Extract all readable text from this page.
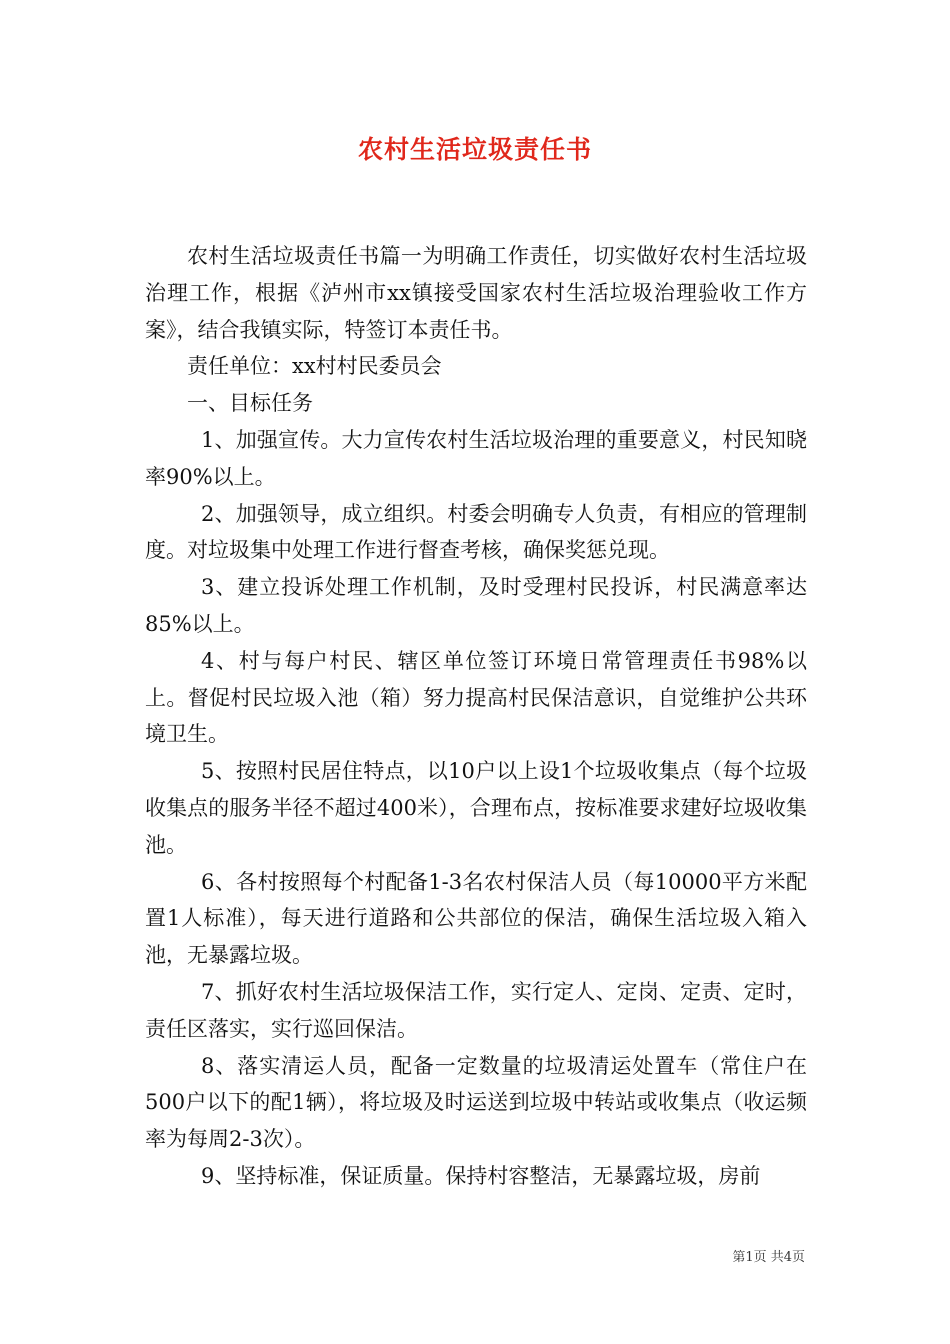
农村生活垃圾责任书

农村生活垃圾责任书篇一为明确工作责任，切实做好农村生活垃圾治理工作，根据《泸州市xx镇接受国家农村生活垃圾治理验收工作方案》，结合我镇实际，特签订本责任书。

责任单位：xx村村民委员会

一、目标任务

1、加强宣传。大力宣传农村生活垃圾治理的重要意义，村民知晓率90%以上。

2、加强领导，成立组织。村委会明确专人负责，有相应的管理制度。对垃圾集中处理工作进行督查考核，确保奖惩兑现。

3、建立投诉处理工作机制，及时受理村民投诉，村民满意率达85%以上。

4、村与每户村民、辖区单位签订环境日常管理责任书98%以上。督促村民垃圾入池（箱）努力提高村民保洁意识，自觉维护公共环境卫生。

5、按照村民居住特点，以10户以上设1个垃圾收集点（每个垃圾收集点的服务半径不超过400米），合理布点，按标准要求建好垃圾收集池。

6、各村按照每个村配备1-3名农村保洁人员（每10000平方米配置1人标准），每天进行道路和公共部位的保洁，确保生活垃圾入箱入池，无暴露垃圾。

7、抓好农村生活垃圾保洁工作，实行定人、定岗、定责、定时，责任区落实，实行巡回保洁。

8、落实清运人员，配备一定数量的垃圾清运处置车（常住户在500户以下的配1辆），将垃圾及时运送到垃圾中转站或收集点（收运频率为每周2-3次）。

9、坚持标准，保证质量。保持村容整洁，无暴露垃圾，房前

第1页 共4页
